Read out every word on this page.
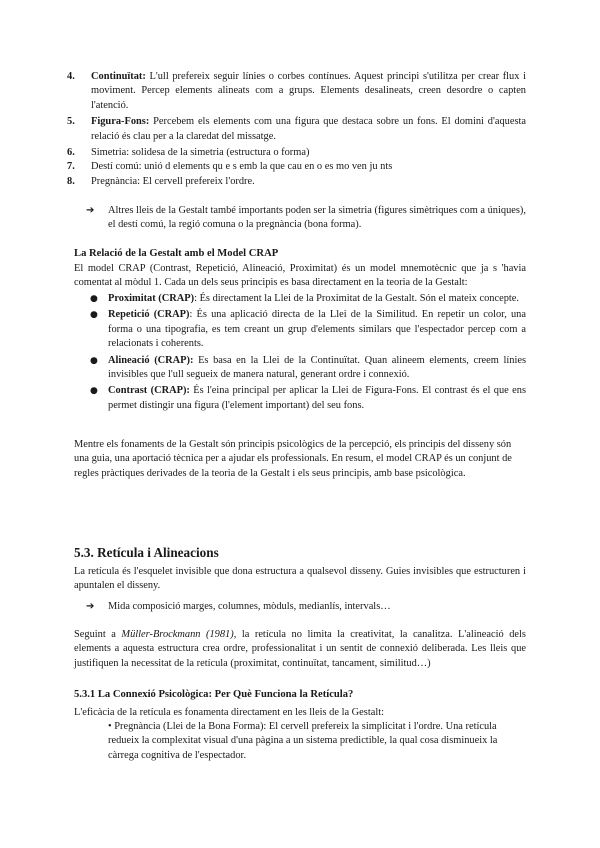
4. Continuïtat: L'ull prefereix seguir línies o corbes contínues. Aquest principi s'utilitza per crear flux i moviment. Percep elements alineats com a grups. Elements desalineats, creen desordre o capten l'atenció.
5. Figura-Fons: Percebem els elements com una figura que destaca sobre un fons. El domini d'aquesta relació és clau per a la claredat del missatge.
6. Simetria: solidesa de la simetria (estructura o forma)
7. Destí comú: unió d elements qu e s emb la que cau en o es mo ven ju nts
8. Pregnància: El cervell prefereix l'ordre.
➔ Altres lleis de la Gestalt també importants poden ser la simetria (figures simètriques com a úniques), el destí comú, la regió comuna o la pregnància (bona forma).
La Relació de la Gestalt amb el Model CRAP

El model CRAP (Contrast, Repetició, Alineació, Proximitat) és un model mnemotècnic que ja s 'havia comentat al mòdul 1. Cada un dels seus principis es basa directament en la teoria de la Gestalt:

● Proximitat (CRAP): És directament la Llei de la Proximitat de la Gestalt. Són el mateix concepte.
● Repetició (CRAP): És una aplicació directa de la Llei de la Similitud. En repetir un color, una forma o una tipografia, es tem creant un grup d'elements similars que l'espectador percep com a relacionats i coherents.
● Alineació (CRAP): Es basa en la Llei de la Continuïtat. Quan alineem elements, creem línies invisibles que l'ull segueix de manera natural, generant ordre i connexió.
● Contrast (CRAP): És l'eina principal per aplicar la Llei de Figura-Fons. El contrast és el que ens permet distingir una figura (l'element important) del seu fons.

Mentre els fonaments de la Gestalt són principis psicològics de la percepció, els principis del disseny són una guia, una aportació tècnica per a ajudar els professionals. En resum, el model CRAP és un conjunt de regles pràctiques derivades de la teoria de la Gestalt i els seus principis, amb base psicològica.

5.3. Retícula i Alineacions

La retícula és l'esquelet invisible que dona estructura a qualsevol disseny. Guies invisibles que estructuren i apuntalen el disseny.

➔ Mida composició marges, columnes, mòduls, medianlís, intervals…

Seguint a Müller-Brockmann (1981), la retícula no limita la creativitat, la canalitza. L'alineació dels elements a aquesta estructura crea ordre, professionalitat i un sentit de connexió deliberada. Les lleis que justifiquen la necessitat de la retícula (proximitat, continuïtat, tancament, similitud…)

5.3.1 La Connexió Psicològica: Per Què Funciona la Retícula?

L'eficàcia de la retícula es fonamenta directament en les lleis de la Gestalt:

• Pregnància (Llei de la Bona Forma): El cervell prefereix la simplicitat i l'ordre. Una retícula redueix la complexitat visual d'una pàgina a un sistema predictible, la qual cosa disminueix la càrrega cognitiva de l'espectador.
